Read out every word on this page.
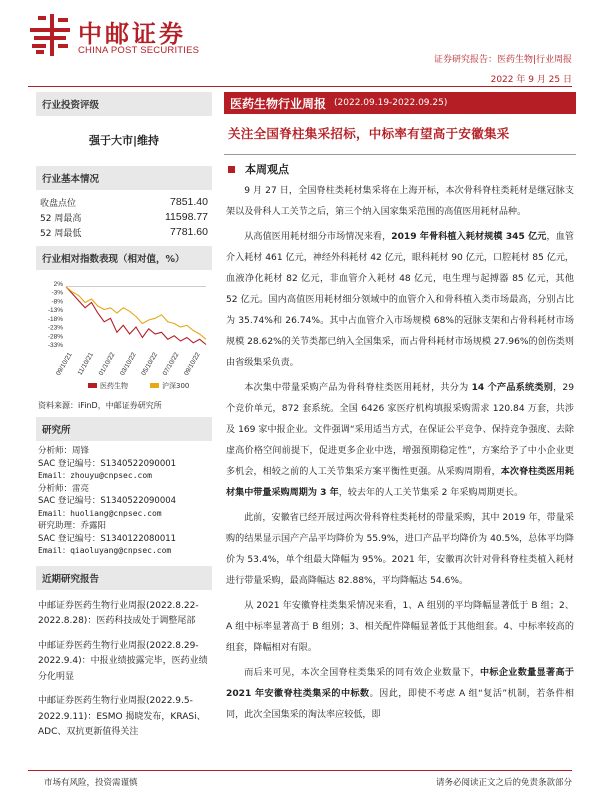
中邮证券
CHINA POST SECURITIES
证券研究报告：医药生物|行业周报
2022 年 9 月 25 日
行业投资评级
强于大市|维持
行业基本情况
收盘点位	7851.40
52 周最高	11598.77
52 周最低	7781.60
行业相对指数表现（相对值，%）
2%
-3%
-8%
-13%
-18%
-23%
-28%
-33%
09/10/21 11/10/21 01/10/22 03/10/22 05/10/22 07/10/22 09/10/22
医药生物	沪深300
资料来源：iFinD，中邮证券研究所
研究所
分析师：周锋
SAC 登记编号：S1340522090001
Email：zhouyu@cnpsec.com
分析师：雷亮
SAC 登记编号：S1340522090004
Email：huoliang@cnpsec.com
研究助理：乔露阳
SAC 登记编号：S1340122080011
Email：qiaoluyang@cnpsec.com
近期研究报告
中邮证券医药生物行业周报(2022.8.22-2022.8.28)：医药科技成处于调整尾部
中邮证券医药生物行业周报(2022.8.29-2022.9.4)：中报业绩披露完毕，医药业绩分化明显
中邮证券医药生物行业周报(2022.9.5-2022.9.11)：ESMO 揭晓发布，KRASi、ADC、双抗更新值得关注
医药生物行业周报 (2022.09.19-2022.09.25)
关注全国脊柱集采招标，中标率有望高于安徽集采
本周观点
9 月 27 日，全国脊柱类耗材集采将在上海开标，本次骨科脊柱类耗材是继冠脉支架以及骨科人工关节之后，第三个纳入国家集采范围的高值医用耗材品种。
从高值医用耗材细分市场情况来看，2019 年骨科植入耗材规模 345 亿元，血管介入耗材 461 亿元，神经外科耗材 42 亿元，眼科耗材 90 亿元，口腔耗材 85 亿元，血液净化耗材 82 亿元，非血管介入耗材 48 亿元，电生理与起搏器 85 亿元，其他 52 亿元。国内高值医用耗材细分领域中的血管介入和骨科植入类市场最高，分别占比为 35.74%和 26.74%。其中占血管介入市场规模 68%的冠脉支架和占骨科耗材市场规模 28.62%的关节类都已纳入全国集采，而占骨科耗材市场规模 27.96%的创伤类则由省级集采负责。
本次集中带量采购产品为骨科脊柱类医用耗材，共分为 14 个产品系统类别，29 个竞价单元，872 套系统。全国 6426 家医疗机构填报采购需求 120.84 万套，共涉及 169 家中报企业。文件强调“采用适当方式，在保证公平竞争、保持竞争强度、去除虚高价格空间前提下，促进更多企业中选，增强预期稳定性”，方案给予了中小企业更多机会，相较之前的人工关节集采方案平衡性更强。从采购周期看，本次脊柱类医用耗材集中带量采购周期为 3 年，较去年的人工关节集采 2 年采购周期更长。
此前，安徽省已经开展过两次骨科脊柱类耗材的带量采购，其中 2019 年，带量采购的结果显示国产产品平均降价为 55.9%，进口产品平均降价为 40.5%，总体平均降价为 53.4%，单个组最大降幅为 95%。2021 年，安徽再次针对骨科脊柱类植入耗材进行带量采购，最高降幅达 82.88%，平均降幅达 54.6%。
从 2021 年安徽脊柱类集采情况来看，1、A 组别的平均降幅显著低于 B 组；2、A 组中标率显著高于 B 组别；3、相关配件降幅显著低于其他组套。4、中标率较高的组套，降幅相对有限。
而后来可见，本次全国脊柱类集采的同有效企业数量下，中标企业数量显著高于 2021 年安徽脊柱类集采的中标数。因此，即使不考虑 A 组“复活”机制，若条件相同，此次全国集采的淘汰率应较低，即
市场有风险，投资需谨慎	请务必阅读正文之后的免责条款部分
